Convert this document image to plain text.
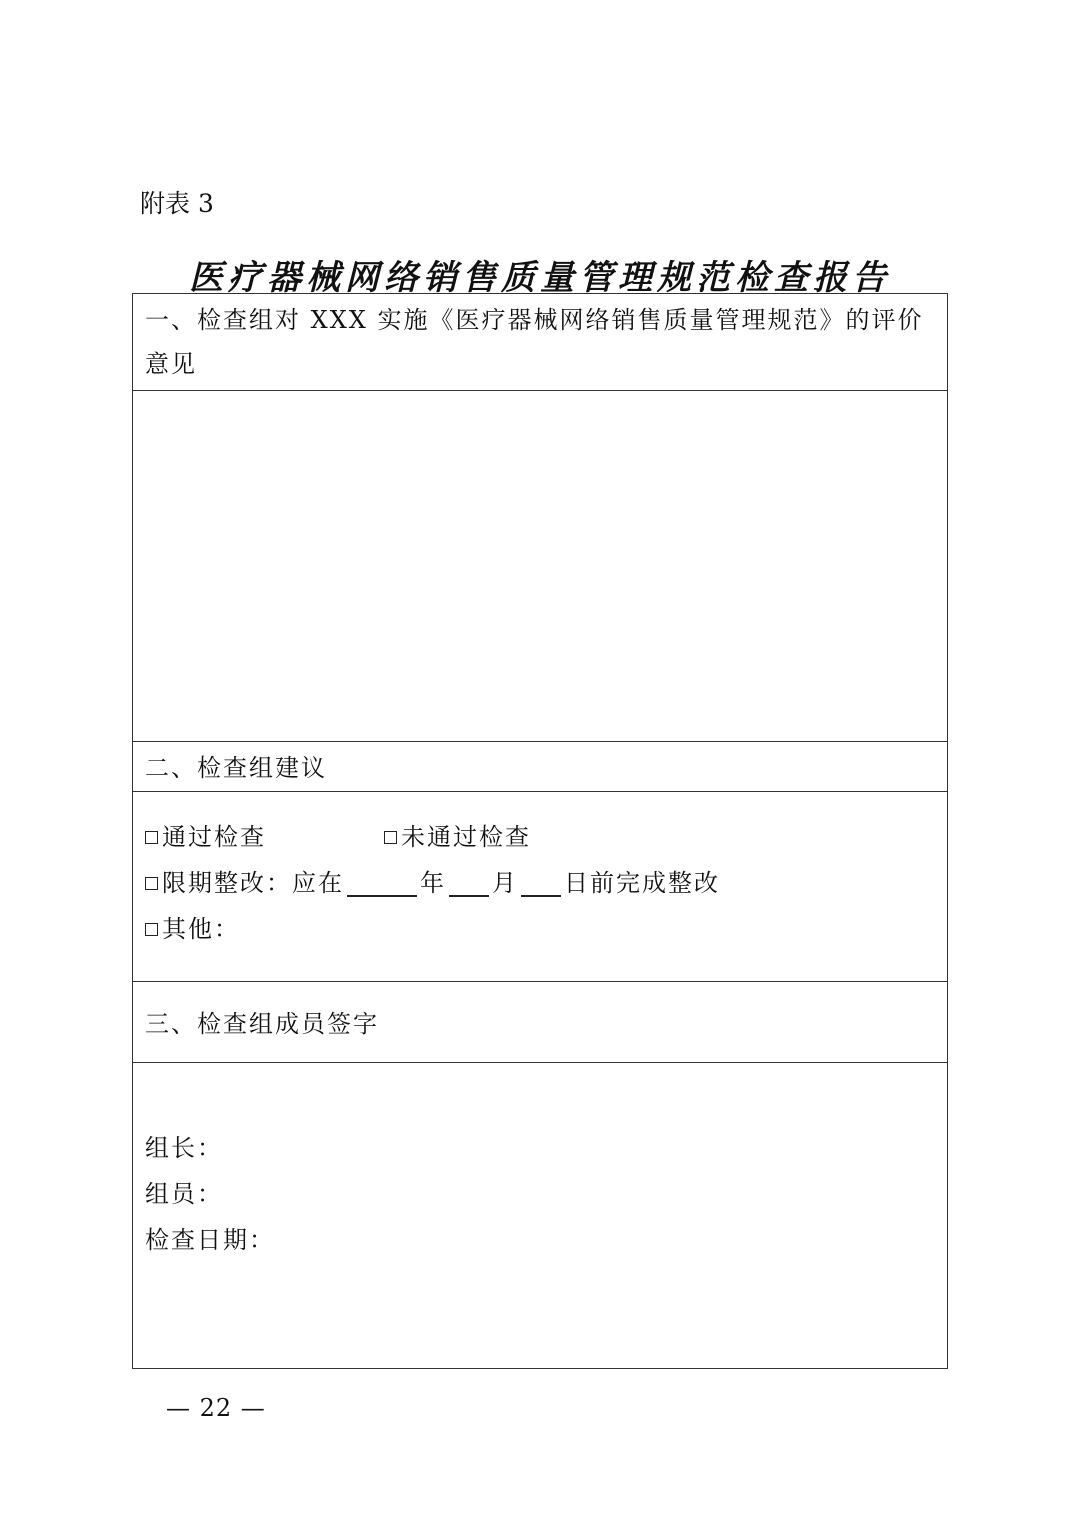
附表 3
医疗器械网络销售质量管理规范检查报告
一、检查组对 XXX 实施《医疗器械网络销售质量管理规范》的评价意见

二、检查组建议

通过检查	未通过检查
限期整改：应在	年 月 日前完成整改
其他：

三、检查组成员签字

组长：
组员：
检查日期：
— 22 —
